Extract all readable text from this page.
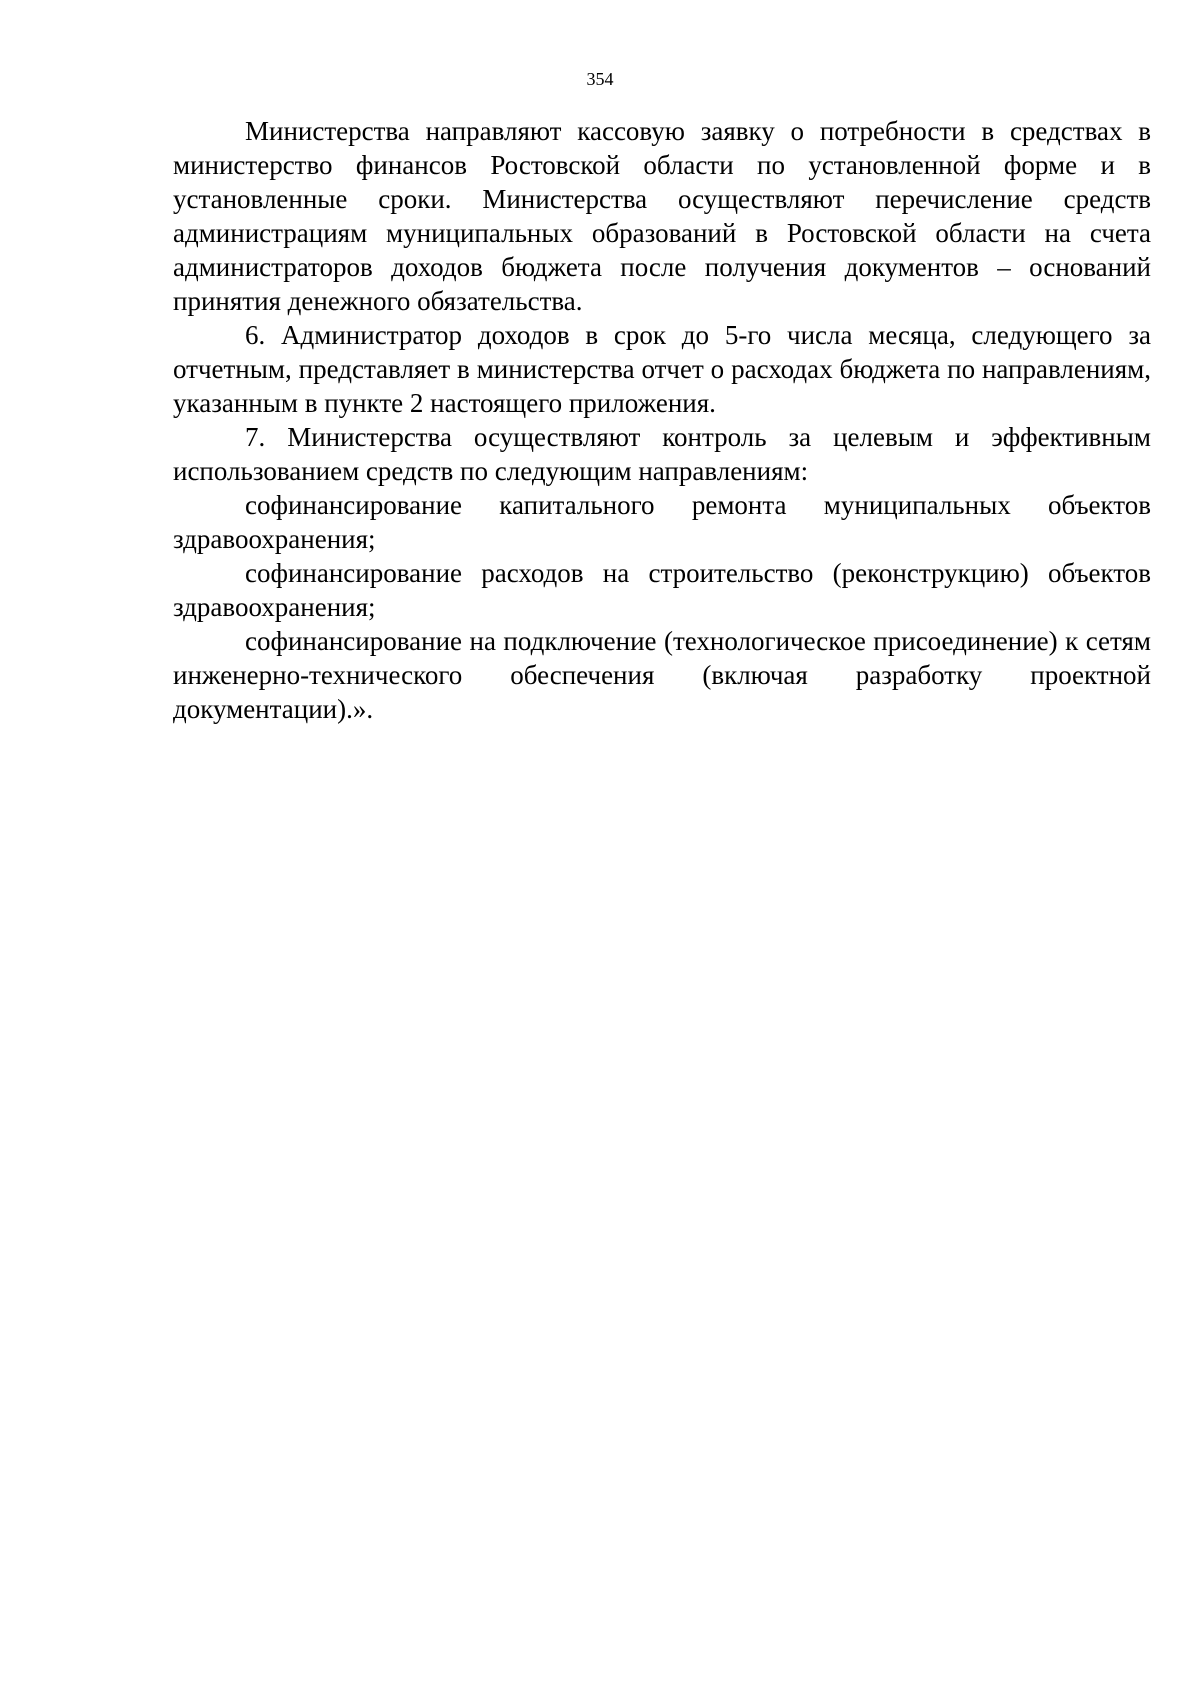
354

Министерства направляют кассовую заявку о потребности в средствах в министерство финансов Ростовской области по установленной форме и в установленные сроки. Министерства осуществляют перечисление средств администрациям муниципальных образований в Ростовской области на счета администраторов доходов бюджета после получения документов – оснований принятия денежного обязательства.

6. Администратор доходов в срок до 5-го числа месяца, следующего за отчетным, представляет в министерства отчет о расходах бюджета по направлениям, указанным в пункте 2 настоящего приложения.

7. Министерства осуществляют контроль за целевым и эффективным использованием средств по следующим направлениям:

софинансирование капитального ремонта муниципальных объектов здравоохранения;

софинансирование расходов на строительство (реконструкцию) объектов здравоохранения;

софинансирование на подключение (технологическое присоединение) к сетям инженерно-технического обеспечения (включая разработку проектной документации).».
